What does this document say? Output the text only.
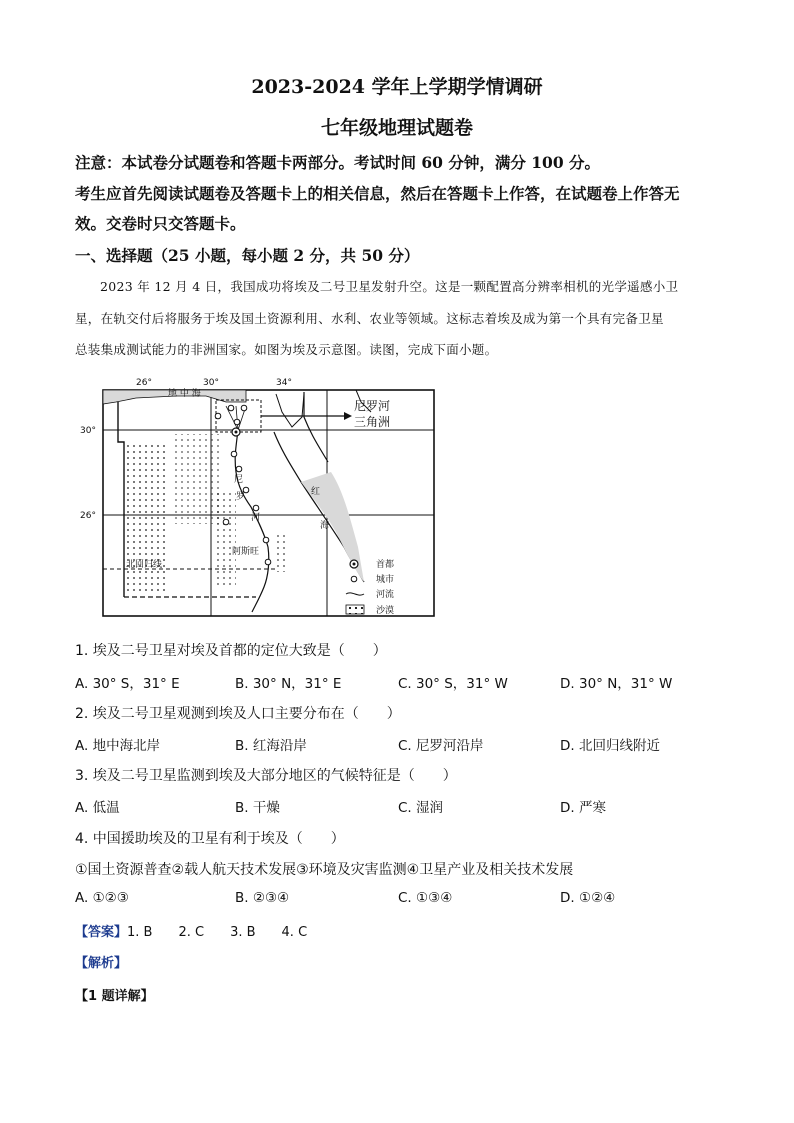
2023-2024 学年上学期学情调研
七年级地理试题卷
注意：本试卷分试题卷和答题卡两部分。考试时间 60 分钟，满分 100 分。
考生应首先阅读试题卷及答题卡上的相关信息，然后在答题卡上作答，在试题卷上作答无
效。交卷时只交答题卡。
一、选择题（25 小题，每小题 2 分，共 50 分）
2023 年 12 月 4 日，我国成功将埃及二号卫星发射升空。这是一颗配置高分辨率相机的光学遥感小卫
星，在轨交付后将服务于埃及国土资源利用、水利、农业等领域。这标志着埃及成为第一个具有完备卫星
总装集成测试能力的非洲国家。如图为埃及示意图。读图，完成下面小题。
26°	30°	34°
30°
26°
地 中 海
尼
罗
河
红
海
北回归线
阿斯旺
尼罗河
三角洲
首都
城市
河流
沙漠
1. 埃及二号卫星对埃及首都的定位大致是（　　）
A. 30° S，31° E	B. 30° N，31° E	C. 30° S，31° W	D. 30° N，31° W
2. 埃及二号卫星观测到埃及人口主要分布在（　　）
A. 地中海北岸	B. 红海沿岸	C. 尼罗河沿岸	D. 北回归线附近
3. 埃及二号卫星监测到埃及大部分地区的气候特征是（　　）
A. 低温	B. 干燥	C. 湿润	D. 严寒
4. 中国援助埃及的卫星有利于埃及（　　）
①国土资源普查②载人航天技术发展③环境及灾害监测④卫星产业及相关技术发展
A. ①②③	B. ②③④	C. ①③④	D. ①②④
【答案】1. B　　2. C　　3. B　　4. C
【解析】
【1 题详解】
